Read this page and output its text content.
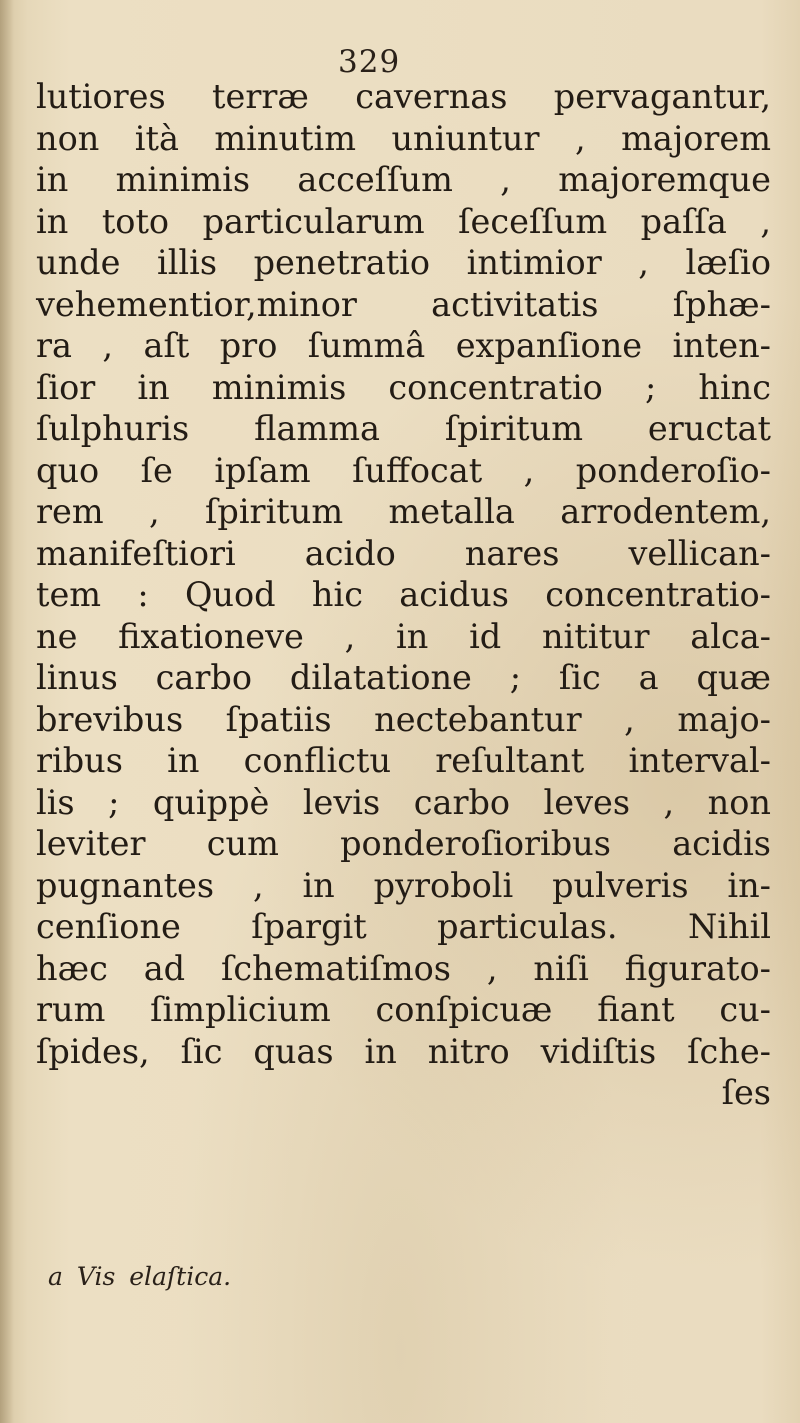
329
lutiores terræ cavernas pervagantur,
non ità minutim uniuntur , majorem
in minimis acceſſum , majoremque
in toto particularum ſeceſſum paſſa ,
unde illis penetratio intimior , læſio
vehementior,minor activitatis ſphæ-
ra , aſt pro ſummâ expanſione inten-
ſior in minimis concentratio ; hinc
ſulphuris flamma ſpiritum eructat
quo ſe ipſam ſuffocat , ponderoſio-
rem , ſpiritum metalla arrodentem,
manifeſtiori acido nares vellican-
tem : Quod hic acidus concentratio-
ne fixationeve , in id nititur alca-
linus carbo dilatatione ; ſic a quæ
brevibus ſpatiis nectebantur , majo-
ribus in conflictu reſultant interval-
lis ; quippè levis carbo leves , non
leviter cum ponderoſioribus acidis
pugnantes , in pyroboli pulveris in-
cenſione ſpargit particulas. Nihil
hæc ad ſchematiſmos , niſi figurato-
rum ſimplicium conſpicuæ fiant cu-
ſpides, ſic quas in nitro vidiſtis ſche-
ſes
a Vis elaſtica.
